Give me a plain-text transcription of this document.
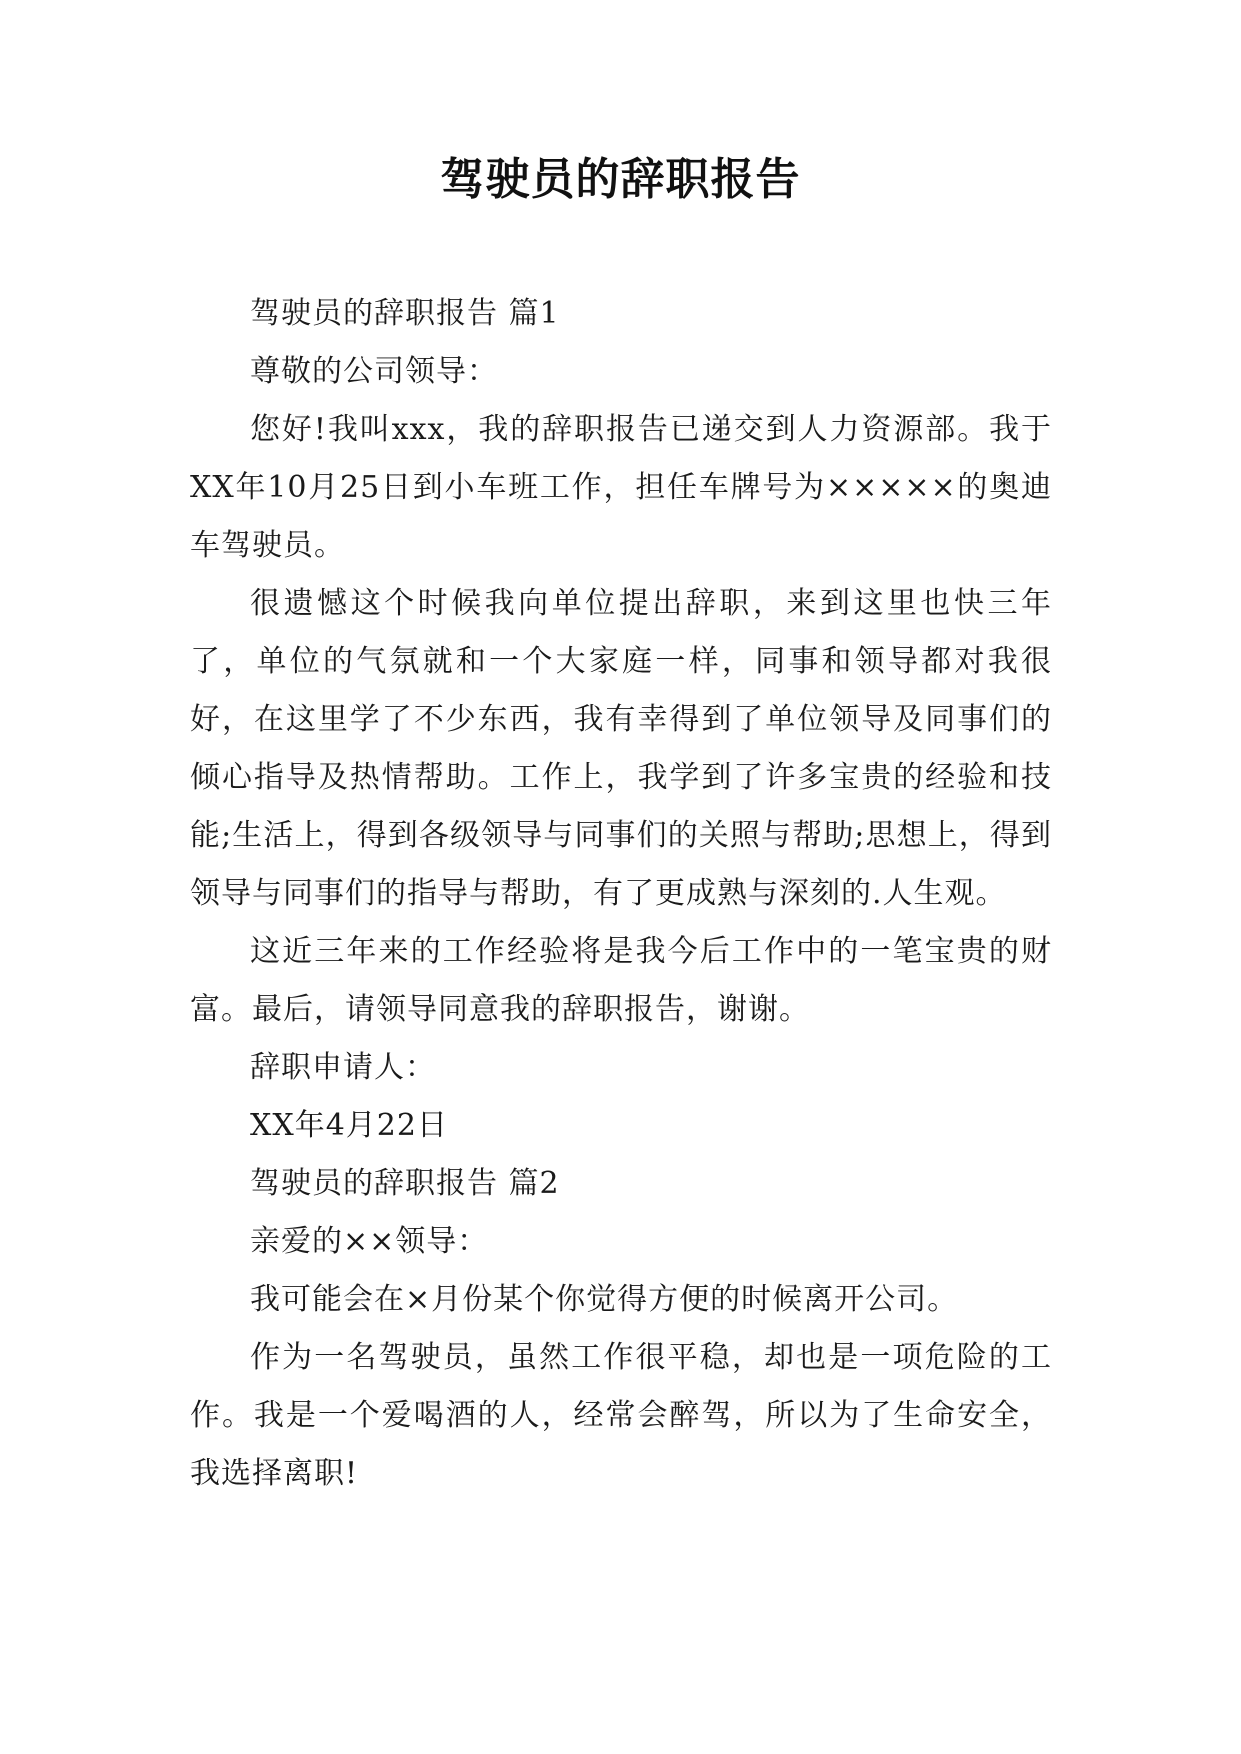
驾驶员的辞职报告

驾驶员的辞职报告 篇1

尊敬的公司领导：

您好!我叫xxx，我的辞职报告已递交到人力资源部。我于XX年10月25日到小车班工作，担任车牌号为×××××的奥迪车驾驶员。

很遗憾这个时候我向单位提出辞职，来到这里也快三年了，单位的气氛就和一个大家庭一样，同事和领导都对我很好，在这里学了不少东西，我有幸得到了单位领导及同事们的倾心指导及热情帮助。工作上，我学到了许多宝贵的经验和技能;生活上，得到各级领导与同事们的关照与帮助;思想上，得到领导与同事们的指导与帮助，有了更成熟与深刻的.人生观。

这近三年来的工作经验将是我今后工作中的一笔宝贵的财富。最后，请领导同意我的辞职报告，谢谢。

辞职申请人：

XX年4月22日

驾驶员的辞职报告 篇2

亲爱的××领导：

我可能会在×月份某个你觉得方便的时候离开公司。

作为一名驾驶员，虽然工作很平稳，却也是一项危险的工作。我是一个爱喝酒的人，经常会醉驾，所以为了生命安全，我选择离职!
